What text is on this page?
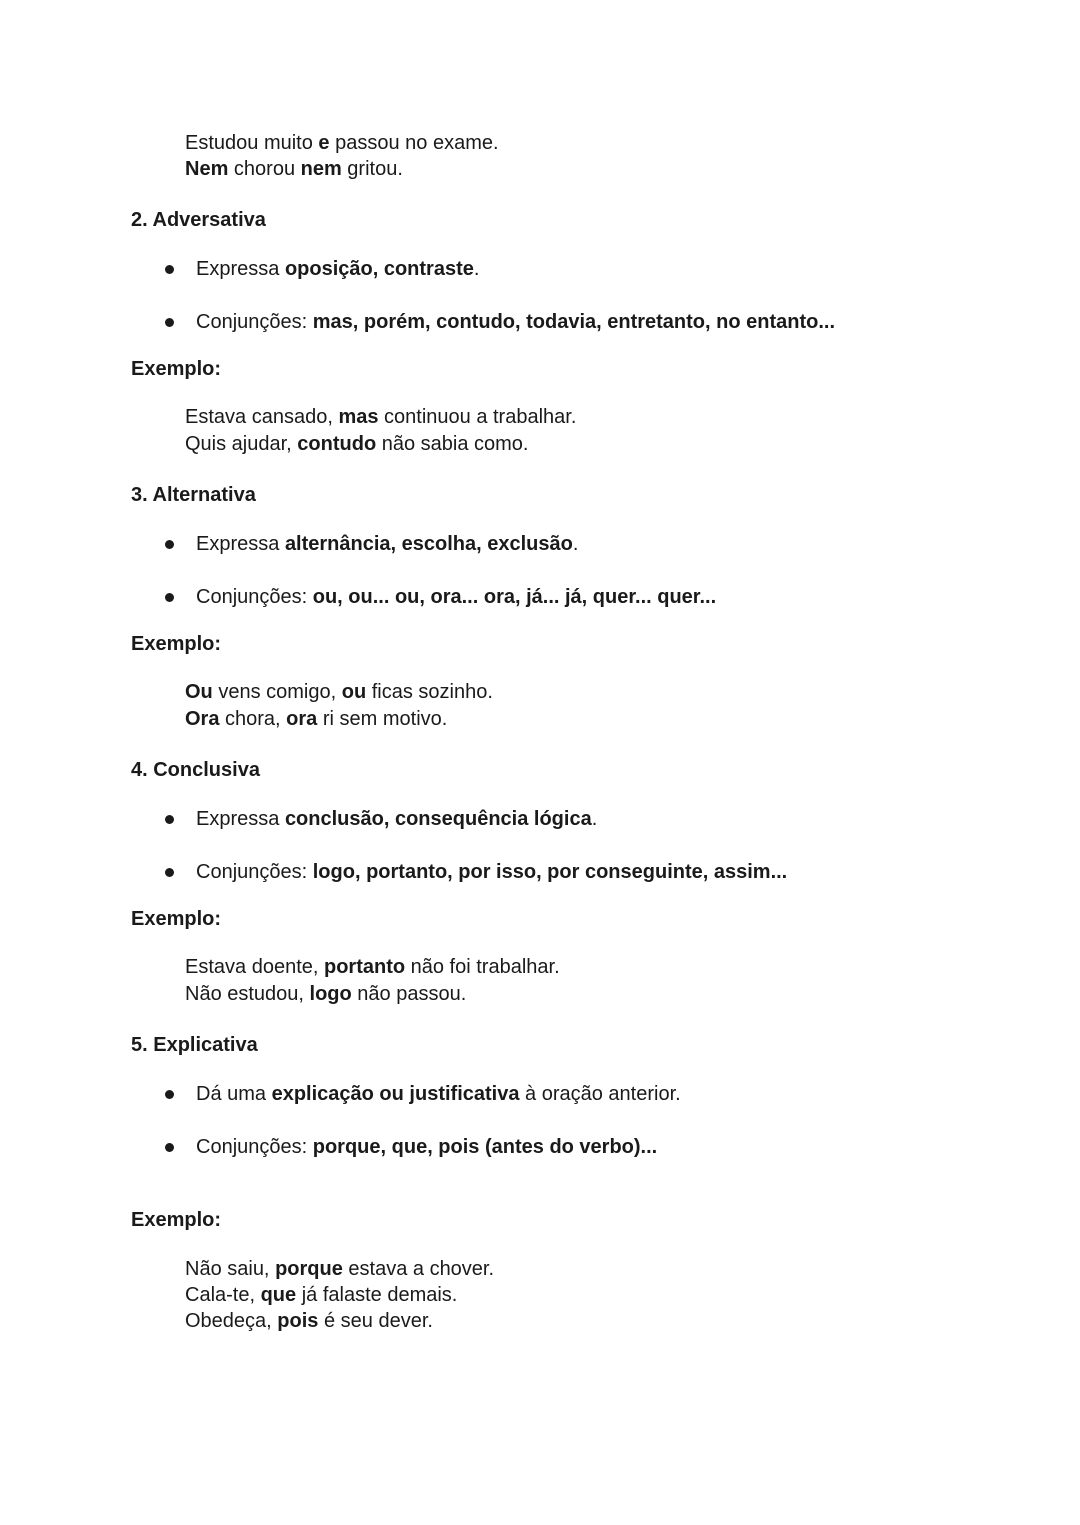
Estudou muito e passou no exame.
Nem chorou nem gritou.
2. Adversativa
Expressa oposição, contraste.
Conjunções: mas, porém, contudo, todavia, entretanto, no entanto...
Exemplo:
Estava cansado, mas continuou a trabalhar.
Quis ajudar, contudo não sabia como.
3. Alternativa
Expressa alternância, escolha, exclusão.
Conjunções: ou, ou... ou, ora... ora, já... já, quer... quer...
Exemplo:
Ou vens comigo, ou ficas sozinho.
Ora chora, ora ri sem motivo.
4. Conclusiva
Expressa conclusão, consequência lógica.
Conjunções: logo, portanto, por isso, por conseguinte, assim...
Exemplo:
Estava doente, portanto não foi trabalhar.
Não estudou, logo não passou.
5. Explicativa
Dá uma explicação ou justificativa à oração anterior.
Conjunções: porque, que, pois (antes do verbo)...
Exemplo:
Não saiu, porque estava a chover.
Cala-te, que já falaste demais.
Obedeça, pois é seu dever.
